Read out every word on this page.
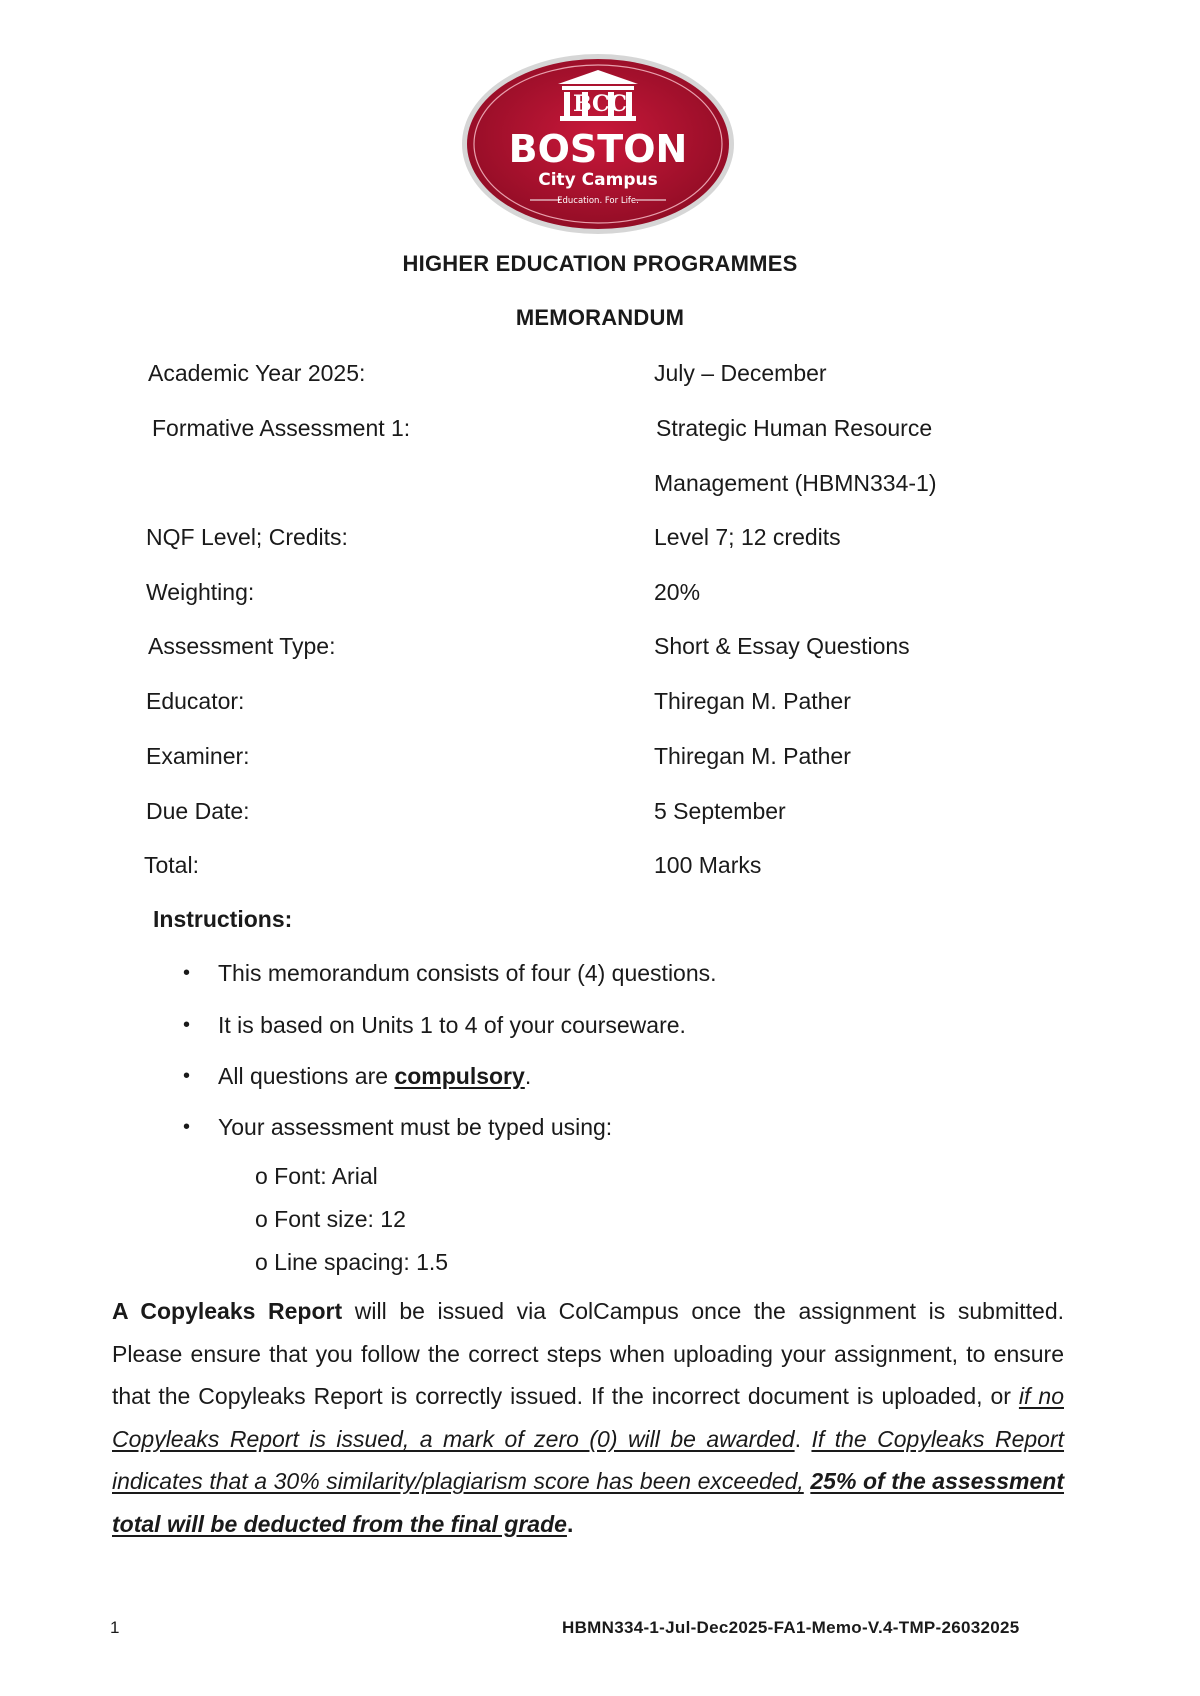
BCC
BOSTON
City Campus
Education. For Life.
HIGHER EDUCATION PROGRAMMES
MEMORANDUM
Academic Year 2025:	July – December
Formative Assessment 1:	Strategic Human Resource
Management (HBMN334-1)
NQF Level; Credits:	Level 7; 12 credits
Weighting:	20%
Assessment Type:	Short & Essay Questions
Educator:	Thiregan M. Pather
Examiner:	Thiregan M. Pather
Due Date:	5 September
Total:	100 Marks
Instructions:
• This memorandum consists of four (4) questions.
• It is based on Units 1 to 4 of your courseware.
• All questions are compulsory.
• Your assessment must be typed using:
o Font: Arial
o Font size: 12
o Line spacing: 1.5
A Copyleaks Report will be issued via ColCampus once the assignment is submitted. Please ensure that you follow the correct steps when uploading your assignment, to ensure that the Copyleaks Report is correctly issued. If the incorrect document is uploaded, or if no Copyleaks Report is issued, a mark of zero (0) will be awarded. If the Copyleaks Report indicates that a 30% similarity/plagiarism score has been exceeded, 25% of the assessment total will be deducted from the final grade.
1	HBMN334-1-Jul-Dec2025-FA1-Memo-V.4-TMP-26032025
